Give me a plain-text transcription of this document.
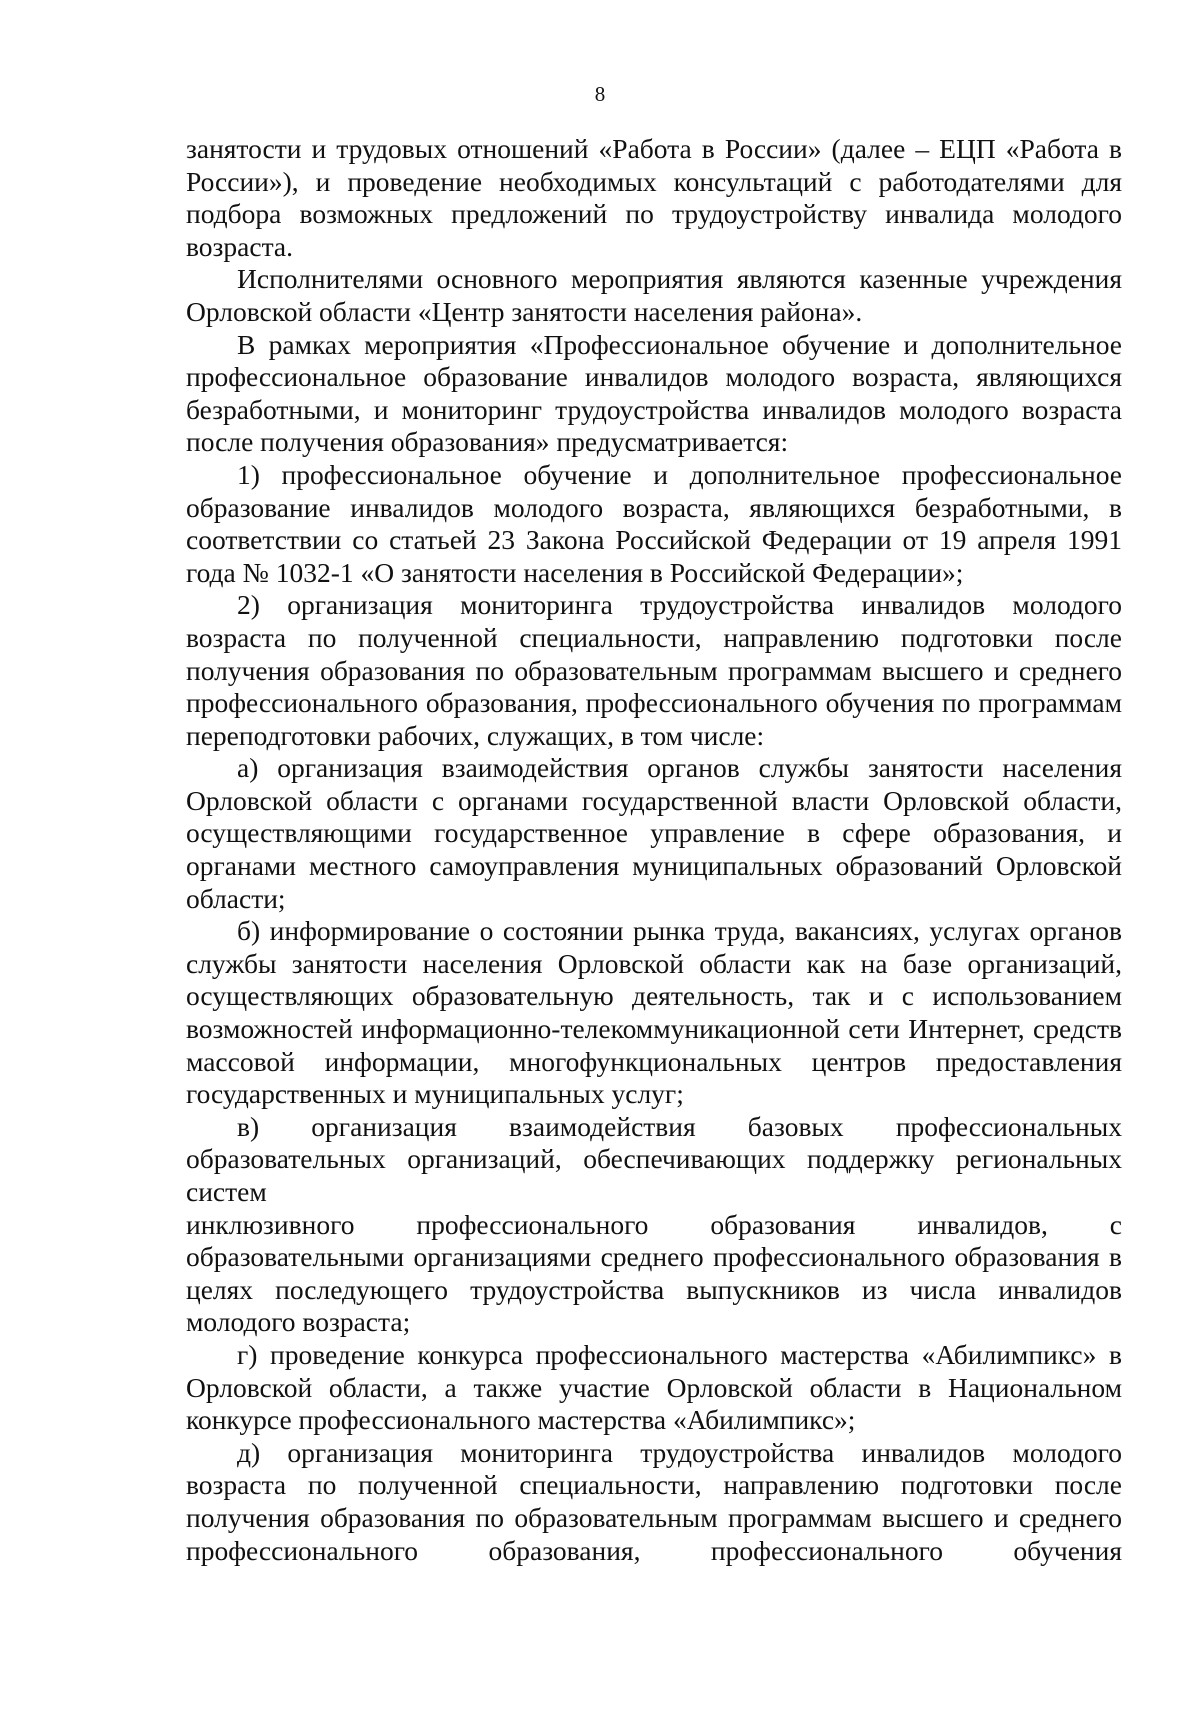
8

занятости и трудовых отношений «Работа в России» (далее – ЕЦП «Работа в России»), и проведение необходимых консультаций с работодателями для подбора возможных предложений по трудоустройству инвалида молодого возраста.

Исполнителями основного мероприятия являются казенные учреждения Орловской области «Центр занятости населения района».

В рамках мероприятия «Профессиональное обучение и дополнительное профессиональное образование инвалидов молодого возраста, являющихся безработными, и мониторинг трудоустройства инвалидов молодого возраста после получения образования» предусматривается:

1) профессиональное обучение и дополнительное профессиональное образование инвалидов молодого возраста, являющихся безработными, в соответствии со статьей 23 Закона Российской Федерации от 19 апреля 1991 года № 1032-1 «О занятости населения в Российской Федерации»;

2) организация мониторинга трудоустройства инвалидов молодого возраста по полученной специальности, направлению подготовки после получения образования по образовательным программам высшего и среднего профессионального образования, профессионального обучения по программам переподготовки рабочих, служащих, в том числе:

а) организация взаимодействия органов службы занятости населения Орловской области с органами государственной власти Орловской области, осуществляющими государственное управление в сфере образования, и органами местного самоуправления муниципальных образований Орловской области;

б) информирование о состоянии рынка труда, вакансиях, услугах органов службы занятости населения Орловской области как на базе организаций, осуществляющих образовательную деятельность, так и с использованием возможностей информационно-телекоммуникационной сети Интернет, средств массовой информации, многофункциональных центров предоставления государственных и муниципальных услуг;

в) организация взаимодействия базовых профессиональных образовательных организаций, обеспечивающих поддержку региональных систем

инклюзивного профессионального образования инвалидов, с образовательными организациями среднего профессионального образования в целях последующего трудоустройства выпускников из числа инвалидов молодого возраста;

г) проведение конкурса профессионального мастерства «Абилимпикс» в Орловской области, а также участие Орловской области в Национальном конкурсе профессионального мастерства «Абилимпикс»;

д) организация мониторинга трудоустройства инвалидов молодого возраста по полученной специальности, направлению подготовки после получения образования по образовательным программам высшего и среднего профессионального образования, профессионального обучения
